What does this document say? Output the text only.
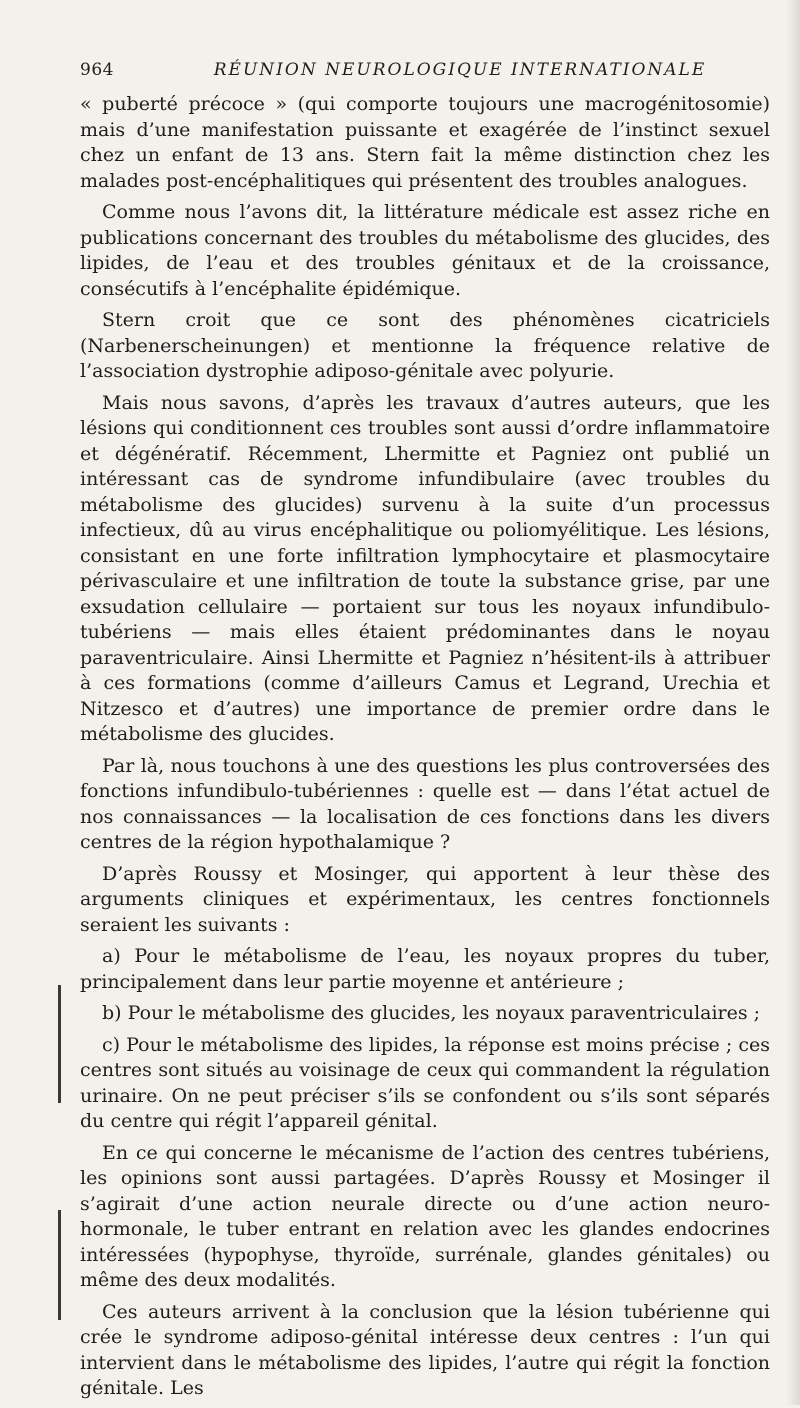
964	RÉUNION NEUROLOGIQUE INTERNATIONALE

« puberté précoce » (qui comporte toujours une macrogénitosomie) mais d’une manifestation puissante et exagérée de l’instinct sexuel chez un enfant de 13 ans. Stern fait la même distinction chez les malades post-encéphalitiques qui présentent des troubles analogues.

Comme nous l’avons dit, la littérature médicale est assez riche en publications concernant des troubles du métabolisme des glucides, des lipides, de l’eau et des troubles génitaux et de la croissance, consécutifs à l’encéphalite épidémique.

Stern croit que ce sont des phénomènes cicatriciels (Narbenerscheinungen) et mentionne la fréquence relative de l’association dystrophie adiposo-génitale avec polyurie.

Mais nous savons, d’après les travaux d’autres auteurs, que les lésions qui conditionnent ces troubles sont aussi d’ordre inflammatoire et dégénératif. Récemment, Lhermitte et Pagniez ont publié un intéressant cas de syndrome infundibulaire (avec troubles du métabolisme des glucides) survenu à la suite d’un processus infectieux, dû au virus encéphalitique ou poliomyélitique. Les lésions, consistant en une forte infiltration lymphocytaire et plasmocytaire périvasculaire et une infiltration de toute la substance grise, par une exsudation cellulaire — portaient sur tous les noyaux infundibulo-tubériens — mais elles étaient prédominantes dans le noyau paraventriculaire. Ainsi Lhermitte et Pagniez n’hésitent-ils à attribuer à ces formations (comme d’ailleurs Camus et Legrand, Urechia et Nitzesco et d’autres) une importance de premier ordre dans le métabolisme des glucides.

Par là, nous touchons à une des questions les plus controversées des fonctions infundibulo-tubériennes : quelle est — dans l’état actuel de nos connaissances — la localisation de ces fonctions dans les divers centres de la région hypothalamique ?

D’après Roussy et Mosinger, qui apportent à leur thèse des arguments cliniques et expérimentaux, les centres fonctionnels seraient les suivants :

a) Pour le métabolisme de l’eau, les noyaux propres du tuber, principalement dans leur partie moyenne et antérieure ;

b) Pour le métabolisme des glucides, les noyaux paraventriculaires ;

c) Pour le métabolisme des lipides, la réponse est moins précise ; ces centres sont situés au voisinage de ceux qui commandent la régulation urinaire. On ne peut préciser s’ils se confondent ou s’ils sont séparés du centre qui régit l’appareil génital.

En ce qui concerne le mécanisme de l’action des centres tubériens, les opinions sont aussi partagées. D’après Roussy et Mosinger il s’agirait d’une action neurale directe ou d’une action neuro-hormonale, le tuber entrant en relation avec les glandes endocrines intéressées (hypophyse, thyroïde, surrénale, glandes génitales) ou même des deux modalités.

Ces auteurs arrivent à la conclusion que la lésion tubérienne qui crée le syndrome adiposo-génital intéresse deux centres : l’un qui intervient dans le métabolisme des lipides, l’autre qui régit la fonction génitale. Les
